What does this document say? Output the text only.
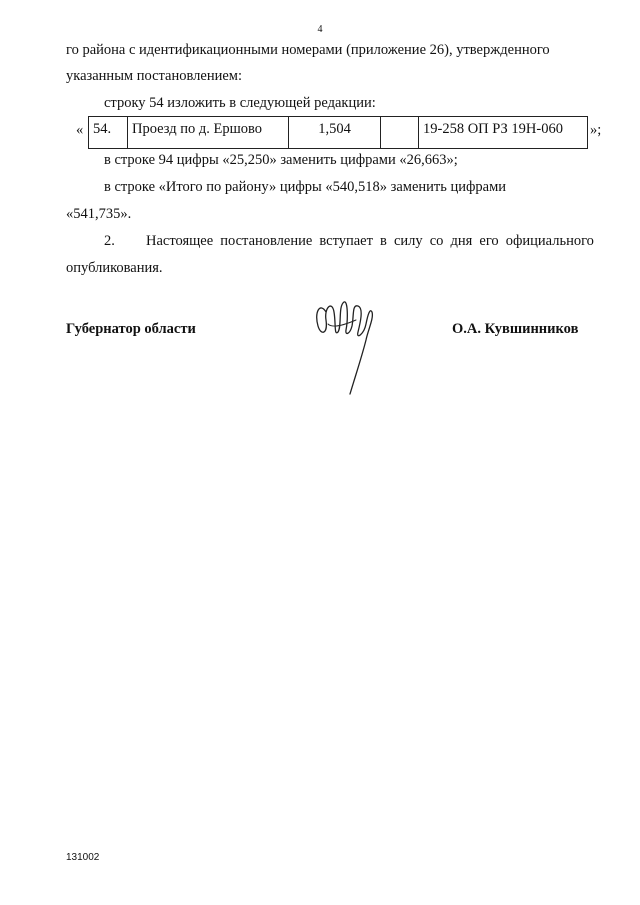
4
го района с идентификационными номерами (приложение 26), утвержденного
указанным постановлением:
строку 54 изложить в следующей редакции:
« 54.	Проезд по д. Ершово	1,504		19-258 ОП РЗ 19Н-060 »;
в строке 94 цифры «25,250» заменить цифрами «26,663»;
в строке «Итого по району» цифры «540,518» заменить цифрами
«541,735».
2. Настоящее постановление вступает в силу со дня его официального
опубликования.
Губернатор области	О.А. Кувшинников
131002
